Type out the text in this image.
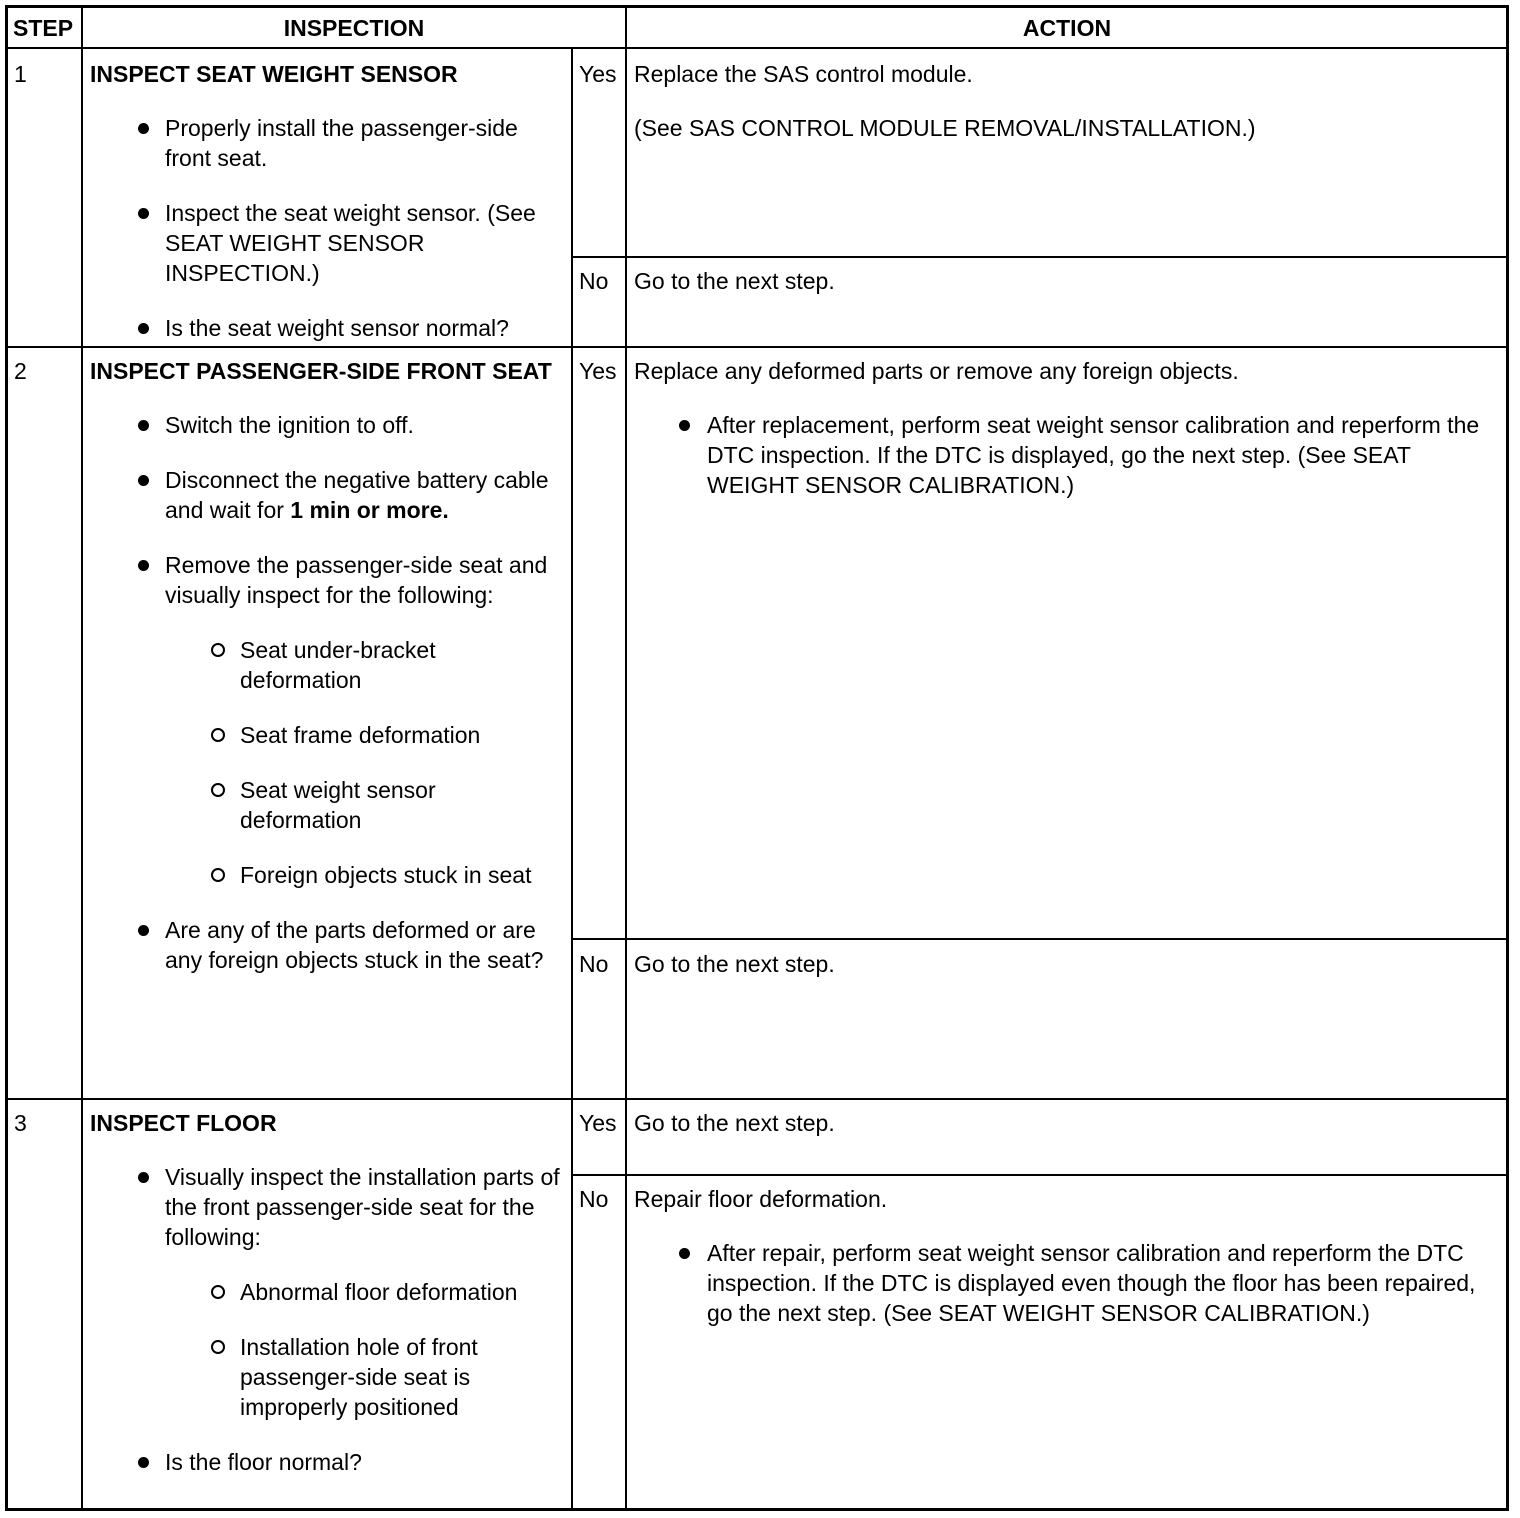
STEP	INSPECTION	ACTION
1	INSPECT SEAT WEIGHT SENSOR
Properly install the passenger-side front seat.
Inspect the seat weight sensor. (See SEAT WEIGHT SENSOR INSPECTION.)
Is the seat weight sensor normal?
Yes Replace the SAS control module.
(See SAS CONTROL MODULE REMOVAL/INSTALLATION.)
No	Go to the next step.
2	INSPECT PASSENGER-SIDE FRONT SEAT
Switch the ignition to off.
Disconnect the negative battery cable and wait for 1 min or more.
Remove the passenger-side seat and visually inspect for the following:
Seat under-bracket deformation
Seat frame deformation
Seat weight sensor deformation
Foreign objects stuck in seat
Are any of the parts deformed or are any foreign objects stuck in the seat?
Yes Replace any deformed parts or remove any foreign objects.
After replacement, perform seat weight sensor calibration and reperform the DTC inspection. If the DTC is displayed, go the next step. (See SEAT WEIGHT SENSOR CALIBRATION.)
No	Go to the next step.
3	INSPECT FLOOR
Visually inspect the installation parts of the front passenger-side seat for the following:
Abnormal floor deformation
Installation hole of front passenger-side seat is improperly positioned
Is the floor normal?
Yes Go to the next step.
No	Repair floor deformation.
After repair, perform seat weight sensor calibration and reperform the DTC inspection. If the DTC is displayed even though the floor has been repaired, go the next step. (See SEAT WEIGHT SENSOR CALIBRATION.)
